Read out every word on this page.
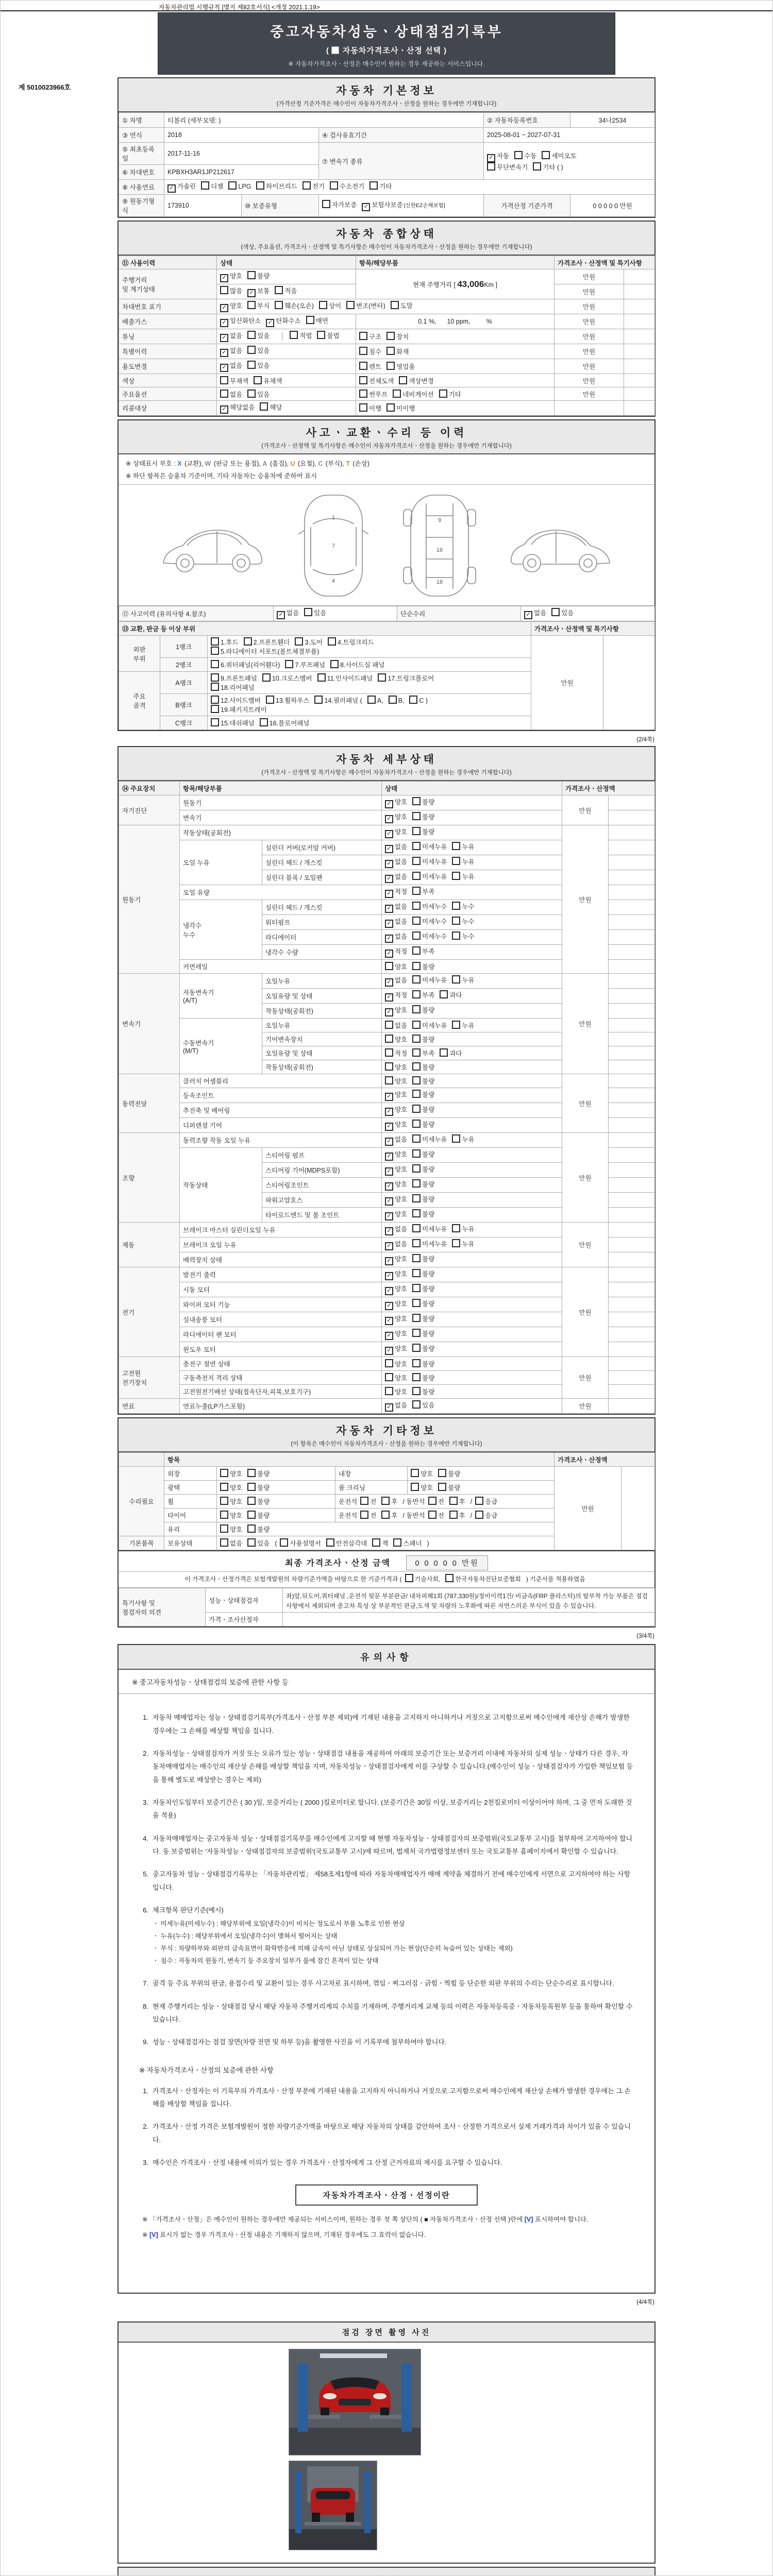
제 5010023966호
자동차관리법 시행규칙 [별지 제82호서식] <개정 2021.1.19>
중고자동차성능ㆍ상태점검기록부
( 자동차가격조사ㆍ산정 선택 )
※ 자동차가격조사ㆍ산정은 매수인이 원하는 경우 제공하는 서비스입니다.
자동차 기본정보
(가격산정 기준가격은 매수인이 자동차가격조사ㆍ산정을 원하는 경우에만 기재합니다)
① 차명	티볼리 (세부모델: )			② 자동차등록번호	34나2534
③ 연식	2018		④ 검사유효기간	2025-08-01 ~ 2027-07-31	
⑤ 최초등록일	2017-11-16		⑦ 변속기 종류	✓ 자동 수동 세미오토
무단변속기 기타 ( )	
⑥ 차대번호	KPBXH3AR1JP212617				
⑧ 사용연료	✓ 가솔린 디젤 LPG 하이브리드 전기 수소전기 기타				
⑨ 원동기형식	173910	⑩ 보증유형	자가보증 ✓ 보험사보증 [신한EZ손해보험]	가격산정 기준가격	0 0 0 0 0 만원
자동차 종합상태
(색상, 주요옵션, 가격조사ㆍ산정액 및 특기사항은 매수인이 자동차가격조사ㆍ산정을 원하는 경우에만 기재합니다)
⑪ 사용이력	상태	항목/해당부품	가격조사ㆍ산정액 및 특기사항	
주행거리
및 계기상태	✓ 양호 불량	현재 주행거리 [ 43,006Km ]	만원	
	많음 ✓ 보통 적음		만원	
차대번호 표기	✓ 양호 부식 훼손(오손) 상이 변조(변타) 도말		만원	
배출가스	✓ 일산화탄소 ✓ 탄화수소 매연	0.1 %,      10 ppm,         %	만원	
튜닝	✓ 없음 있음 적법 불법	구조 장치	만원	
특별이력	✓ 없음 있음	침수 화재	만원	
용도변경	✓ 없음 있음	렌트 영업용	만원	
색상	무채색 유채색	전체도색 색상변경	만원	
주요옵션	없음 있음	썬루프 네비게이션 기타	만원	
리콜대상	✓ 해당없음 해당	이행 미이행		
사고ㆍ교환ㆍ수리 등 이력
(가격조사ㆍ산정액 및 특기사항은 매수인이 자동차가격조사ㆍ산정을 원하는 경우에만 기재합니다)
※ 상태표시 부호 : X (교환), W (판금 또는 용접), A (흠집), U (요철), C (부식), T (손상)
※ 하단 항목은 승용차 기준이며, 기타 자동차는 승용차에 준하여 표시
1
7
4
9
16
18
⑫ 사고이력 (유의사항 4.참조)	✓ 없음 있음	단순수리	✓ 없음 있음
⑬ 교환, 판금 등 이상 부위			가격조사ㆍ산정액 및 특기사항	
외판
부위	1랭크	1.후드 2.프론트휀더 3.도어 4.트렁크리드
5.라디에이터 서포트(볼트체결부품)	만원	
	2랭크	6.쿼터패널(리어휀다) 7.루프패널 8.사이드실 패널		
주요
골격	A랭크	9.프론트패널 10.크로스멤버 11.인사이드패널 17.트렁크플로어
18.리어패널		
	B랭크	12.사이드멤버 13.휠하우스 14.필러패널 ( A, B, C )
19.패키지트레이		
	C랭크	15.대쉬패널 16.플로어패널		
(2/4쪽)
자동차 세부상태
(가격조사ㆍ산정액 및 특기사항은 매수인이 자동차가격조사ㆍ산정을 원하는 경우에만 기재합니다)
⑭ 주요장치	항목/해당부품		상태	가격조사ㆍ산정액	
자기진단	원동기		✓ 양호 불량	만원	
	변속기		✓ 양호 불량		
원동기	작동상태(공회전)		✓ 양호 불량	만원	
	오일 누유	실린더 커버(로커암 커버)	✓ 없음 미세누유 누유		
		실린더 헤드 / 개스킷	✓ 없음 미세누유 누유		
		실린더 블록 / 오일팬	✓ 없음 미세누유 누유		
	오일 유량		✓ 적정 부족		
	냉각수
누수	실린더 헤드 / 개스킷	✓ 없음 미세누수 누수		
		워터펌프	✓ 없음 미세누수 누수		
		라디에이터	✓ 없음 미세누수 누수		
		냉각수 수량	✓ 적정 부족		
	커먼레일		양호 불량		
변속기	자동변속기
(A/T)	오일누유	✓ 없음 미세누유 누유	만원	
		오일유량 및 상태	✓ 적정 부족 과다		
		작동상태(공회전)	✓ 양호 불량		
	수동변속기
(M/T)	오일누유	없음 미세누유 누유		
		기어변속장치	양호 불량		
		오일유량 및 상태	적정 부족 과다		
		작동상태(공회전)	양호 불량		
동력전달	클러치 어셈블리		양호 불량	만원	
	등속조인트		✓ 양호 불량		
	추진축 및 베어링		✓ 양호 불량		
	디퍼렌셜 기어		✓ 양호 불량		
조향	동력조향 작동 오일 누유		✓ 없음 미세누유 누유	만원	
	작동상태	스티어링 펌프	✓ 양호 불량		
		스티어링 기어(MDPS포함)	✓ 양호 불량		
		스티어링조인트	✓ 양호 불량		
		파워고압호스	✓ 양호 불량		
		타이로드엔드 및 볼 조인트	✓ 양호 불량		
제동	브레이크 마스터 실린더오일 누유		✓ 없음 미세누유 누유	만원	
	브레이크 오일 누유		✓ 없음 미세누유 누유		
	배력장치 상태		✓ 양호 불량		
전기	발전기 출력		✓ 양호 불량	만원	
	시동 모터		✓ 양호 불량		
	와이퍼 모터 기능		✓ 양호 불량		
	실내송풍 모터		✓ 양호 불량		
	라디에이터 팬 모터		✓ 양호 불량		
	윈도우 모터		✓ 양호 불량		
고전원
전기장치	충전구 절연 상태		양호 불량	만원	
	구동축전지 격리 상태		양호 불량		
	고전원전기배선 상태(접속단자,피복,보호기구)		양호 불량		
연료	연료누출(LP가스포함)		✓ 없음 있음	만원	
자동차 기타정보
(이 항목은 매수인이 자동차가격조사ㆍ산정을 원하는 경우에만 기재합니다)
	항목				가격조사ㆍ산정액	
수리필요	외장	양호 불량	내장	양호 불량	만원	
	광택	양호 불량	룸 크리닝	양호 불량		
	휠	양호 불량	운전석 전 후 / 동반석 전 후 / 응급			
	타이어	양호 불량	운전석 전 후 / 동반석 전 후 / 응급			
	유리	양호 불량				
기본품목	보유상태	없음 있음 ( 사용설명서 안전삼각대 잭 스패너 )				
최종 가격조사ㆍ산정 금액	0 0 0 0 0 만원
이 가격조사ㆍ산정가격은 보험개발원의 차량기준가액을 바탕으로 한 기준가격과 ( 기술사회, 한국자동차진단보증협회 ) 기준서를 적용하였음
특기사항 및
점검자의 의견	성능ㆍ상태점검자	좌)앞,뒤도어,쿼터패널 ,운전석 뒷문 부분판금/ 내차피해1회 (787,330원)/정비이력1건/ 비금속(FRP 플라스틱)의 탈부착 가능 부품은 점검사항에서 제외되며 중고차 특성 상 부분적인 판금,도색 및 차량의 노후화에 따른 자연스러운 부식이 있을 수 있습니다.
	가격ㆍ조사산정자	
(3/4쪽)
유의사항
※ 중고자동차성능ㆍ상태점검의 보증에 관한 사항 등
1. 자동차 매매업자는 성능ㆍ상태점검기록부(가격조사ㆍ산정 부분 제외)에 기재된 내용을 고지하지 아니하거나 거짓으로 고지함으로써 매수인에게 재산상 손해가 발생한 경우에는 그 손해를 배상할 책임을 집니다.
2. 자동차성능ㆍ상태점검자가 거짓 또는 오류가 있는 성능ㆍ상태점검 내용을 제공하여 아래의 보증기간 또는 보증거리 이내에 자동차의 실제 성능ㆍ상태가 다른 경우, 자동차매매업자는 매수인의 재산상 손해를 배상할 책임을 지며, 자동차성능ㆍ상태점검자에게 이를 구상할 수 있습니다.(매수인이 성능ㆍ상태점검자가 가입한 책임보험 등을 통해 별도로 배상받는 경우는 제외)
3. 자동차인도일부터 보증기간은 ( 30 )일, 보증거리는 ( 2000 )킬로미터로 합니다. (보증기간은 30일 이상, 보증거리는 2천킬로미터 이상이어야 하며, 그 중 먼저 도래한 것을 적용)
4. 자동차매매업자는 중고자동차 성능ㆍ상태점검기록부를 매수인에게 고지할 때 현행 자동차성능ㆍ상태점검자의 보증범위(국토교통부 고시)를 첨부하여 고지하여야 합니다. 동 보증범위는 '자동차성능ㆍ상태점검자의 보증범위'(국토교통부 고시)에 따르며, 법제처 국가법령정보센터 또는 국토교통부 홈페이지에서 확인할 수 있습니다.
5. 중고자동차 성능ㆍ상태점검기록부는 「자동차관리법」 제58조제1항에 따라 자동차매매업자가 매매 계약을 체결하기 전에 매수인에게 서면으로 고지하여야 하는 사항입니다.
6. 체크항목 판단기준(예시)
ㆍ 미세누유(미세누수) : 해당부위에 오일(냉각수)이 비치는 정도로서 부품 노후로 인한 현상
ㆍ 누유(누수) : 해당부위에서 오일(냉각수)이 맺혀서 떨어지는 상태
ㆍ 부식 : 차량하부와 외판의 금속표면이 화학반응에 의해 금속이 아닌 상태로 상실되어 가는 현상(단순히 녹슬어 있는 상태는 제외)
ㆍ 침수 : 자동차의 원동기, 변속기 등 주요장치 일부가 물에 잠긴 흔적이 있는 상태
7. 골격 등 주요 부위의 판금, 용접수리 및 교환이 있는 경우 사고차로 표시하며, 꺾임ㆍ찌그러짐ㆍ긁힘ㆍ찍힘 등 단순한 외판 부위의 수리는 단순수리로 표시합니다.
8. 현재 주행거리는 성능ㆍ상태점검 당시 해당 자동차 주행거리계의 수치를 기재하며, 주행거리계 교체 등의 이력은 자동차등록증ㆍ자동차등록원부 등을 통하여 확인할 수 있습니다.
9. 성능ㆍ상태점검자는 점검 장면(차량 전면 및 하부 등)을 촬영한 사진을 이 기록부에 첨부하여야 합니다.
※ 자동차가격조사ㆍ산정의 보증에 관한 사항
1. 가격조사ㆍ산정자는 이 기록부의 가격조사ㆍ산정 부분에 기재된 내용을 고지하지 아니하거나 거짓으로 고지함으로써 매수인에게 재산상 손해가 발생한 경우에는 그 손해를 배상할 책임을 집니다.
2. 가격조사ㆍ산정 가격은 보험개발원이 정한 차량기준가액을 바탕으로 해당 자동차의 상태를 감안하여 조사ㆍ산정한 가격으로서 실제 거래가격과 차이가 있을 수 있습니다.
3. 매수인은 가격조사ㆍ산정 내용에 이의가 있는 경우 가격조사ㆍ산정자에게 그 산정 근거자료의 제시를 요구할 수 있습니다.
자동차가격조사ㆍ산정ㆍ선정이란
※ 「가격조사ㆍ산정」은 매수인이 원하는 경우에만 제공되는 서비스이며, 원하는 경우 첫 쪽 상단의 ( ■ 자동차가격조사ㆍ산정 선택 )란에 [V] 표시하여야 합니다.
※ [V] 표시가 없는 경우 가격조사ㆍ산정 내용은 기재하지 않으며, 기재된 경우에도 그 효력이 없습니다.
(4/4쪽)
점검 장면 촬영 사진
